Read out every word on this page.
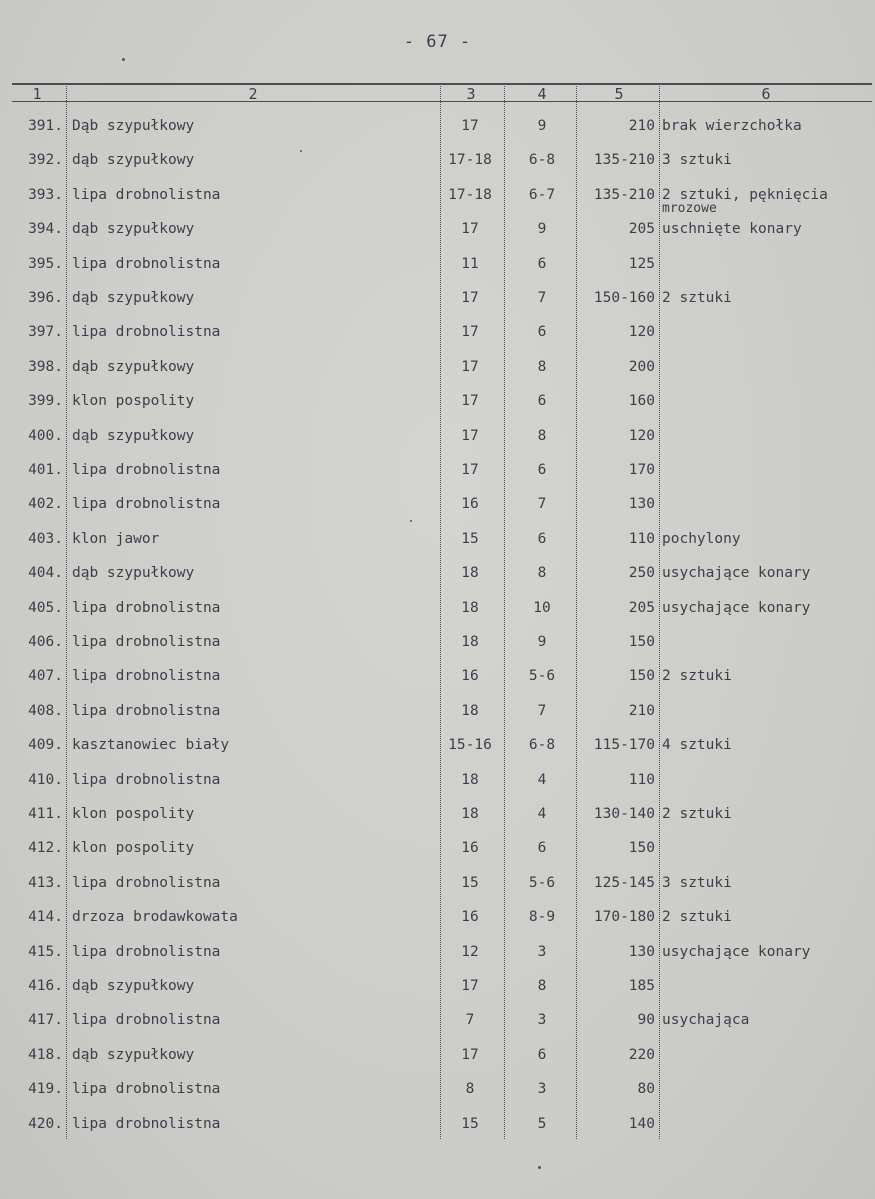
- 67 -
1	2	3	4	5	6
391. Dąb szypułkowy	17	9	210 brak wierzchołka
392. dąb szypułkowy	17-18	6-8	135-210 3 sztuki
393. lipa drobnolistna	17-18	6-7	135-210 2 sztuki, pęknięcia
mrozowe
394. dąb szypułkowy	17	9	205 uschnięte konary
395. lipa drobnolistna	11	6	125
396. dąb szypułkowy	17	7	150-160 2 sztuki
397. lipa drobnolistna	17	6	120
398. dąb szypułkowy	17	8	200
399. klon pospolity	17	6	160
400. dąb szypułkowy	17	8	120
401. lipa drobnolistna	17	6	170
402. lipa drobnolistna	16	7	130
403. klon jawor	15	6	110 pochylony
404. dąb szypułkowy	18	8	250 usychające konary
405. lipa drobnolistna	18	10	205 usychające konary
406. lipa drobnolistna	18	9	150
407. lipa drobnolistna	16	5-6	150 2 sztuki
408. lipa drobnolistna	18	7	210
409. kasztanowiec biały	15-16	6-8	115-170 4 sztuki
410. lipa drobnolistna	18	4	110
411. klon pospolity	18	4	130-140 2 sztuki
412. klon pospolity	16	6	150
413. lipa drobnolistna	15	5-6	125-145 3 sztuki
414. drzoza brodawkowata	16	8-9	170-180 2 sztuki
415. lipa drobnolistna	12	3	130 usychające konary
416. dąb szypułkowy	17	8	185
417. lipa drobnolistna	7	3	90 usychająca
418. dąb szypułkowy	17	6	220
419. lipa drobnolistna	8	3	80
420. lipa drobnolistna	15	5	140
